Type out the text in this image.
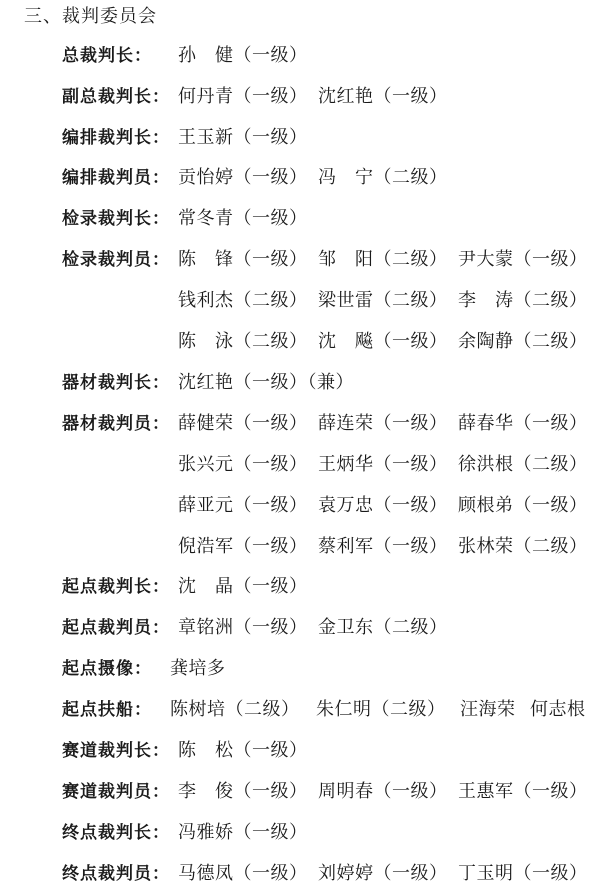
三、裁判委员会
总裁判长： 孙　健（一级）
副总裁判长： 何丹青（一级） 沈红艳（一级）
编排裁判长： 王玉新（一级）
编排裁判员： 贡怡婷（一级） 冯　宁（二级）
检录裁判长： 常冬青（一级）
检录裁判员： 陈　锋（一级） 邹　阳（二级） 尹大蒙（一级）
钱利杰（二级） 梁世雷（二级） 李　涛（二级）
陈　泳（二级） 沈　飚（一级） 余陶静（二级）
器材裁判长： 沈红艳（一级）（兼）
器材裁判员： 薛健荣（一级） 薛连荣（一级） 薛春华（一级）
张兴元（一级） 王炳华（一级） 徐洪根（二级）
薛亚元（一级） 袁万忠（一级） 顾根弟（一级）
倪浩军（一级） 蔡利军（一级） 张林荣（二级）
起点裁判长： 沈　晶（一级）
起点裁判员： 章铭洲（一级） 金卫东（二级）
起点摄像： 龚培多
起点扶船： 陈树培（二级） 朱仁明（二级） 汪海荣 何志根
赛道裁判长： 陈　松（一级）
赛道裁判员： 李　俊（一级） 周明春（一级） 王惠军（一级）
终点裁判长： 冯雅娇（一级）
终点裁判员： 马德凤（一级） 刘婷婷（一级） 丁玉明（一级）
